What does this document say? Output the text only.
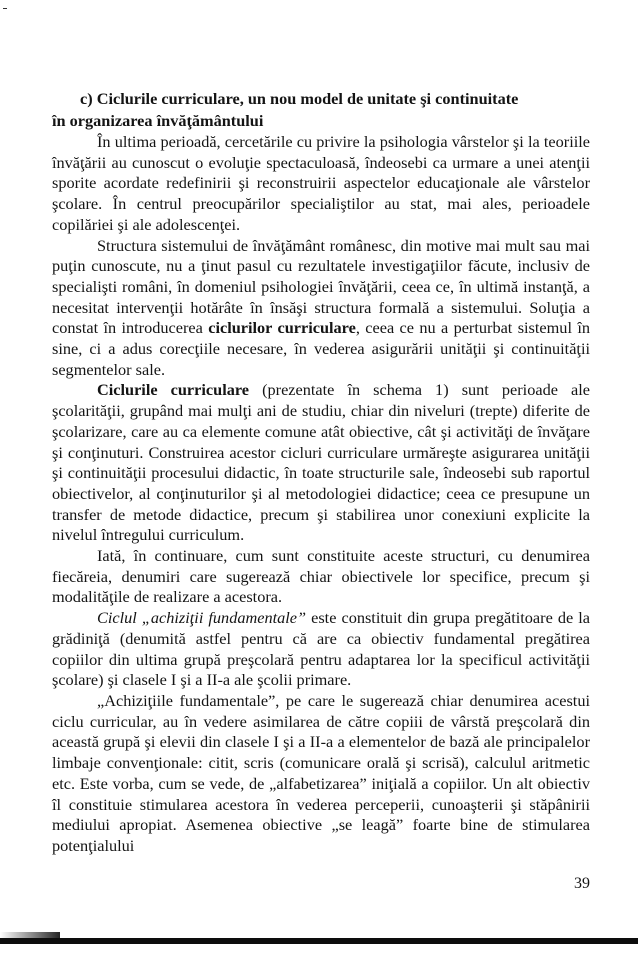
c) Ciclurile curriculare, un nou model de unitate şi continuitate
în organizarea învăţământului

În ultima perioadă, cercetările cu privire la psihologia vârstelor şi la teoriile învăţării au cunoscut o evoluţie spectaculoasă, îndeosebi ca urmare a unei atenţii sporite acordate redefinirii şi reconstruirii aspectelor educaţionale ale vârstelor şcolare. În centrul preocupărilor specialiştilor au stat, mai ales, perioadele copilăriei şi ale adolescenţei.

Structura sistemului de învăţământ românesc, din motive mai mult sau mai puţin cunoscute, nu a ţinut pasul cu rezultatele investigaţiilor făcute, inclusiv de specialişti români, în domeniul psihologiei învăţării, ceea ce, în ultimă instanţă, a necesitat intervenţii hotărâte în însăşi structura formală a sistemului. Soluţia a constat în introducerea ciclurilor curriculare, ceea ce nu a perturbat sistemul în sine, ci a adus corecţiile necesare, în vederea asigurării unităţii şi continuităţii segmentelor sale.

Ciclurile curriculare (prezentate în schema 1) sunt perioade ale şcolarităţii, grupând mai mulţi ani de studiu, chiar din niveluri (trepte) diferite de şcolarizare, care au ca elemente comune atât obiective, cât şi activităţi de învăţare şi conţinuturi. Construirea acestor cicluri curriculare urmăreşte asigurarea unităţii şi continuităţii procesului didactic, în toate structurile sale, îndeosebi sub raportul obiectivelor, al conţinuturilor şi al metodologiei didactice; ceea ce presupune un transfer de metode didactice, precum şi stabilirea unor conexiuni explicite la nivelul întregului curriculum.

Iată, în continuare, cum sunt constituite aceste structuri, cu denumirea fiecăreia, denumiri care sugerează chiar obiectivele lor specifice, precum şi modalităţile de realizare a acestora.

Ciclul „achiziţii fundamentale” este constituit din grupa pregătitoare de la grădiniţă (denumită astfel pentru că are ca obiectiv fundamental pregătirea copiilor din ultima grupă preşcolară pentru adaptarea lor la specificul activităţii şcolare) şi clasele I şi a II-a ale şcolii primare.

„Achiziţiile fundamentale”, pe care le sugerează chiar denumirea acestui ciclu curricular, au în vedere asimilarea de către copiii de vârstă preşcolară din această grupă şi elevii din clasele I şi a II-a a elementelor de bază ale principalelor limbaje convenţionale: citit, scris (comunicare orală şi scrisă), calculul aritmetic etc. Este vorba, cum se vede, de „alfabetizarea” iniţială a copiilor. Un alt obiectiv îl constituie stimularea acestora în vederea perceperii, cunoaşterii şi stăpânirii mediului apropiat. Asemenea obiective „se leagă” foarte bine de stimularea potenţialului

39
